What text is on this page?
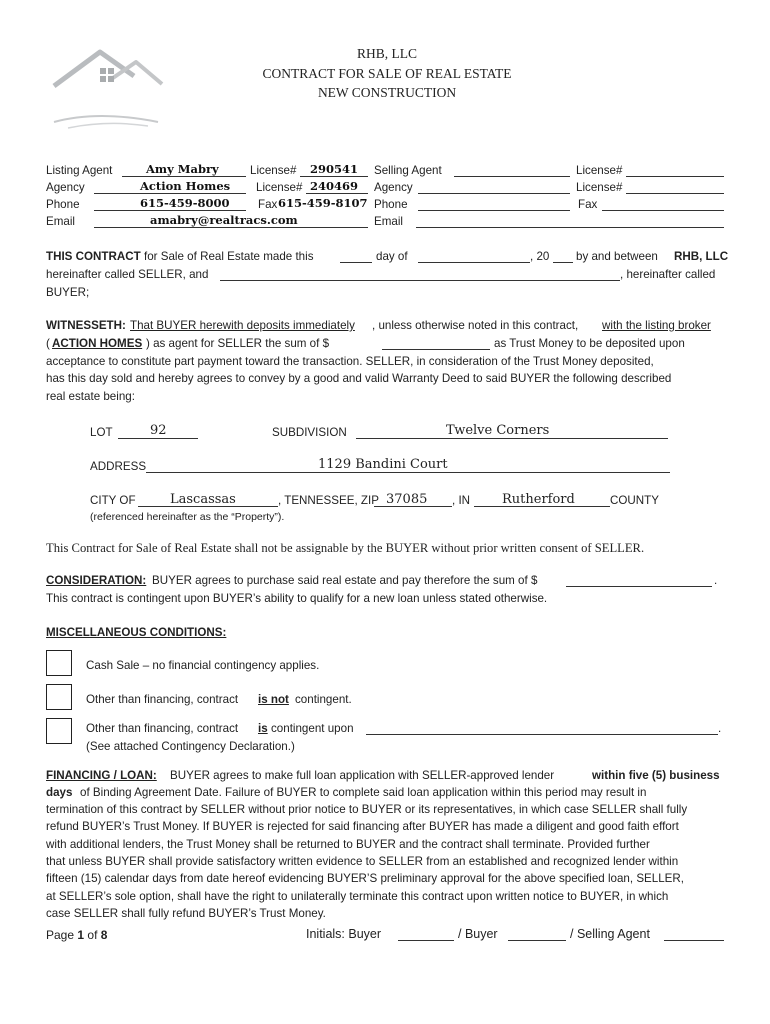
RHB, LLC
CONTRACT FOR SALE OF REAL ESTATE
NEW CONSTRUCTION
Listing Agent	Amy Mabry	License# 290541 Selling Agent	License#
Agency	Action Homes License# 240469 Agency	License#
Phone	615-459-8000 Fax 615-459-8107 Phone	Fax
Email	amabry@realtracs.com	Email
THIS CONTRACT for Sale of Real Estate made this	day of	, 20 by and between RHB, LLC
hereinafter called SELLER, and	, hereinafter called
BUYER;
WITNESSETH: That BUYER herewith deposits immediately , unless otherwise noted in this contract, with the listing broker
( ACTION HOMES ) as agent for SELLER the sum of $	as Trust Money to be deposited upon
acceptance to constitute part payment toward the transaction. SELLER, in consideration of the Trust Money deposited,
has this day sold and hereby agrees to convey by a good and valid Warranty Deed to said BUYER the following described
real estate being:
LOT	92	SUBDIVISION	Twelve Corners
ADDRESS	1129 Bandini Court
CITY OF	Lascassas	, TENNESSEE, ZIP 37085 , IN Rutherford	COUNTY
(referenced hereinafter as the “Property”).
This Contract for Sale of Real Estate shall not be assignable by the BUYER without prior written consent of SELLER.
CONSIDERATION: BUYER agrees to purchase said real estate and pay therefore the sum of $	.
This contract is contingent upon BUYER’s ability to qualify for a new loan unless stated otherwise.
MISCELLANEOUS CONDITIONS:
Cash Sale – no financial contingency applies.
Other than financing, contract is not contingent.
Other than financing, contract is contingent upon	.
(See attached Contingency Declaration.)
FINANCING / LOAN: BUYER agrees to make full loan application with SELLER-approved lender	within five (5) business
days of Binding Agreement Date. Failure of BUYER to complete said loan application within this period may result in
termination of this contract by SELLER without prior notice to BUYER or its representatives, in which case SELLER shall fully
refund BUYER’s Trust Money. If BUYER is rejected for said financing after BUYER has made a diligent and good faith effort
with additional lenders, the Trust Money shall be returned to BUYER and the contract shall terminate. Provided further
that unless BUYER shall provide satisfactory written evidence to SELLER from an established and recognized lender within
fifteen (15) calendar days from date hereof evidencing BUYER’S preliminary approval for the above specified loan, SELLER,
at SELLER’s sole option, shall have the right to unilaterally terminate this contract upon written notice to BUYER, in which
case SELLER shall fully refund BUYER’s Trust Money.
Page 1 of 8	Initials: Buyer	/ Buyer	/ Selling Agent
